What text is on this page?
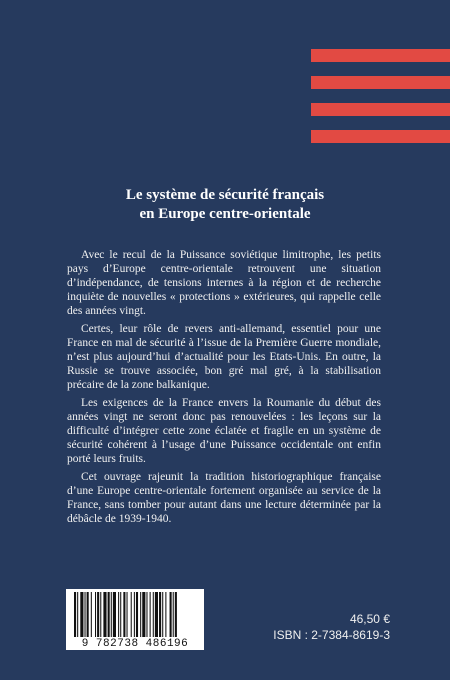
Le système de sécurité français
en Europe centre-orientale

Avec le recul de la Puissance soviétique limitrophe, les petits pays d’Europe centre-orientale retrouvent une situation d’indépendance, de tensions internes à la région et de recherche inquiète de nouvelles « protections » extérieures, qui rappelle celle des années vingt.

Certes, leur rôle de revers anti-allemand, essentiel pour une France en mal de sécurité à l’issue de la Première Guerre mondiale, n’est plus aujourd’hui d’actualité pour les Etats-Unis. En outre, la Russie se trouve associée, bon gré mal gré, à la stabilisation précaire de la zone balkanique.

Les exigences de la France envers la Roumanie du début des années vingt ne seront donc pas renouvelées : les leçons sur la difficulté d’intégrer cette zone éclatée et fragile en un système de sécurité cohérent à l’usage d’une Puissance occidentale ont enfin porté leurs fruits.

Cet ouvrage rajeunit la tradition historiographique française d’une Europe centre-orientale fortement organisée au service de la France, sans tomber pour autant dans une lecture déterminée par la débâcle de 1939-1940.

9 782738 486196
46,50 €
ISBN : 2-7384-8619-3
